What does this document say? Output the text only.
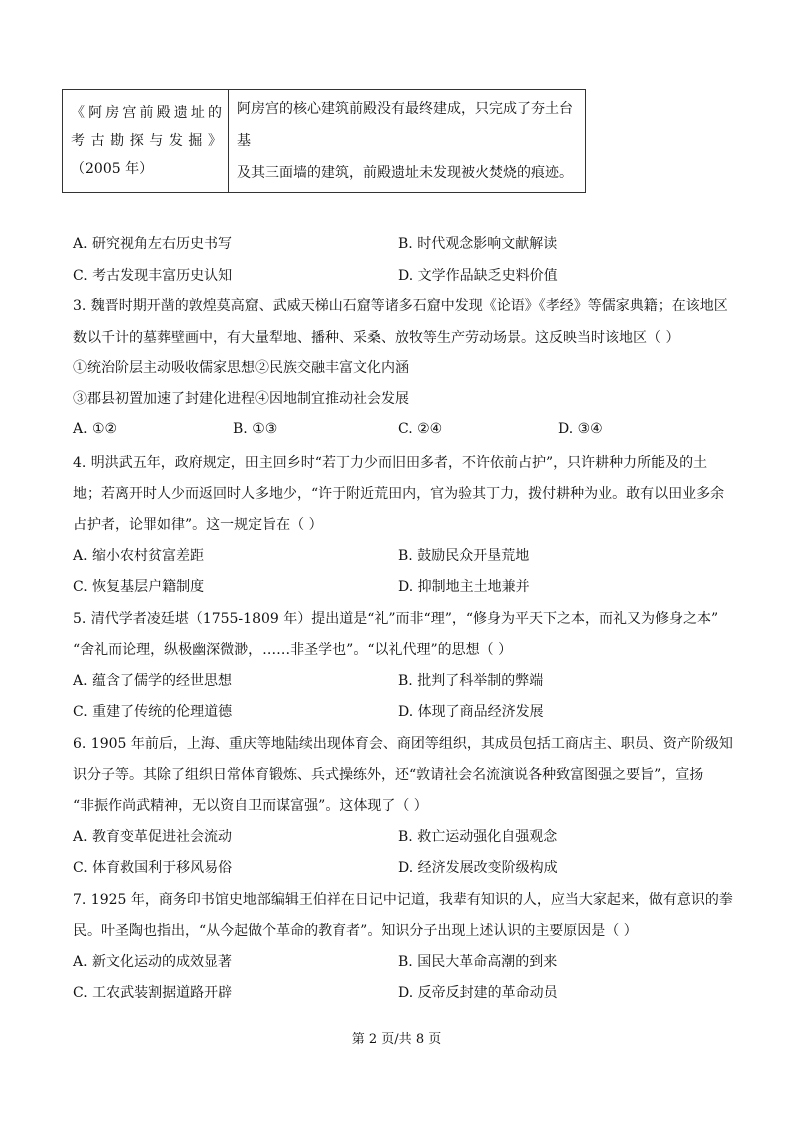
《阿房宫前殿遗址的
考古勘探与发掘》
（2005 年）

阿房宫的核心建筑前殿没有最终建成，只完成了夯土台基
及其三面墙的建筑，前殿遗址未发现被火焚烧的痕迹。
A. 研究视角左右历史书写	B. 时代观念影响文献解读
C. 考古发现丰富历史认知	D. 文学作品缺乏史料价值
3. 魏晋时期开凿的敦煌莫高窟、武威天梯山石窟等诸多石窟中发现《论语》《孝经》等儒家典籍；在该地区
数以千计的墓葬壁画中，有大量犁地、播种、采桑、放牧等生产劳动场景。这反映当时该地区（ ）
①统治阶层主动吸收儒家思想②民族交融丰富文化内涵
③郡县初置加速了封建化进程④因地制宜推动社会发展
A. ①②	B. ①③	C. ②④	D. ③④
4. 明洪武五年，政府规定，田主回乡时“若丁力少而旧田多者，不许依前占护”，只许耕种力所能及的土
地；若离开时人少而返回时人多地少，“许于附近荒田内，官为验其丁力，拨付耕种为业。敢有以田业多余
占护者，论罪如律”。这一规定旨在（ ）
A. 缩小农村贫富差距	B. 鼓励民众开垦荒地
C. 恢复基层户籍制度	D. 抑制地主土地兼并
5. 清代学者凌廷堪（1755-1809 年）提出道是“礼”而非“理”，“修身为平天下之本，而礼又为修身之本”
“舍礼而论理，纵极幽深微渺，……非圣学也”。“以礼代理”的思想（ ）
A. 蕴含了儒学的经世思想	B. 批判了科举制的弊端
C. 重建了传统的伦理道德	D. 体现了商品经济发展
6. 1905 年前后，上海、重庆等地陆续出现体育会、商团等组织，其成员包括工商店主、职员、资产阶级知
识分子等。其除了组织日常体育锻炼、兵式操练外，还“敦请社会名流演说各种致富图强之要旨”，宣扬
“非振作尚武精神，无以资自卫而谋富强”。这体现了（ ）
A. 教育变革促进社会流动	B. 救亡运动强化自强观念
C. 体育救国利于移风易俗	D. 经济发展改变阶级构成
7. 1925 年，商务印书馆史地部编辑王伯祥在日记中记道，我辈有知识的人，应当大家起来，做有意识的拳
民。叶圣陶也指出，“从今起做个革命的教育者”。知识分子出现上述认识的主要原因是（ ）
A. 新文化运动的成效显著	B. 国民大革命高潮的到来
C. 工农武装割据道路开辟	D. 反帝反封建的革命动员
第 2 页/共 8 页
